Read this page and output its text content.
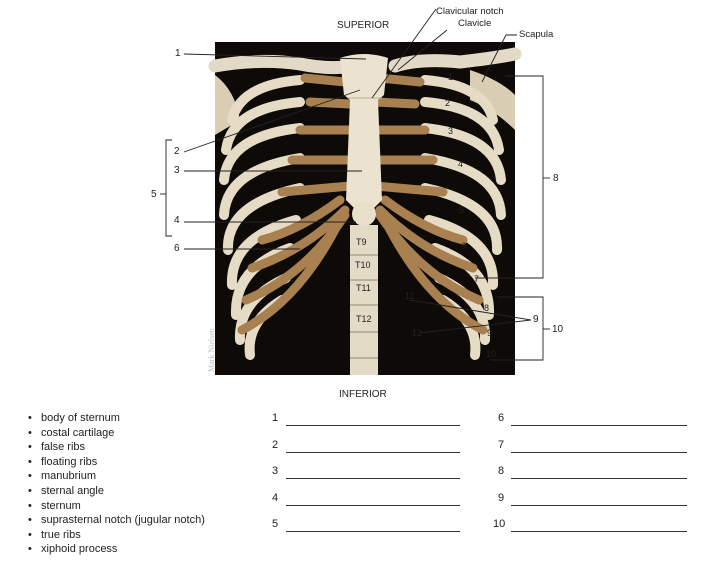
1
2
3
4
5
6
7
8
9
10
11
12
T9
T10
T11
T12
Mark Nielsen
SUPERIOR
INFERIOR
Clavicular notch
Clavicle
Scapula
1
2
3
4
5
6
8
9
10
• body of sternum
• costal cartilage
• false ribs
• floating ribs
• manubrium
• sternal angle
• sternum
• suprasternal notch (jugular notch)
• true ribs
• xiphoid process
1
2
3
4
5
6
7
8
9
10
